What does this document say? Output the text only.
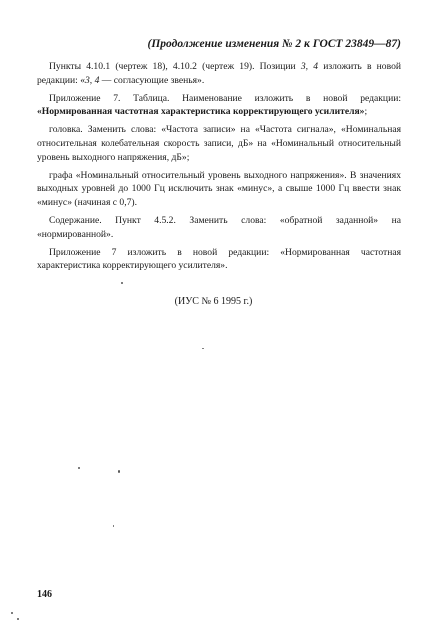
(Продолжение изменения № 2 к ГОСТ 23849—87)

Пункты 4.10.1 (чертеж 18), 4.10.2 (чертеж 19). Позиции 3, 4 изложить в новой редакции: «3, 4 — согласующие звенья».

Приложение 7. Таблица. Наименование изложить в новой редакции: «Нормированная частотная характеристика корректирующего усилителя»;

головка. Заменить слова: «Частота записи» на «Частота сигнала», «Номинальная относительная колебательная скорость записи, дБ» на «Номинальный относительный уровень выходного напряжения, дБ»;

графа «Номинальный относительный уровень выходного напряжения». В значениях выходных уровней до 1000 Гц исключить знак «минус», а свыше 1000 Гц ввести знак «минус» (начиная с 0,7).

Содержание. Пункт 4.5.2. Заменить слова: «обратной заданной» на «нормированной».

Приложение 7 изложить в новой редакции: «Нормированная частотная характеристика корректирующего усилителя».

(ИУС № 6 1995 г.)
146
